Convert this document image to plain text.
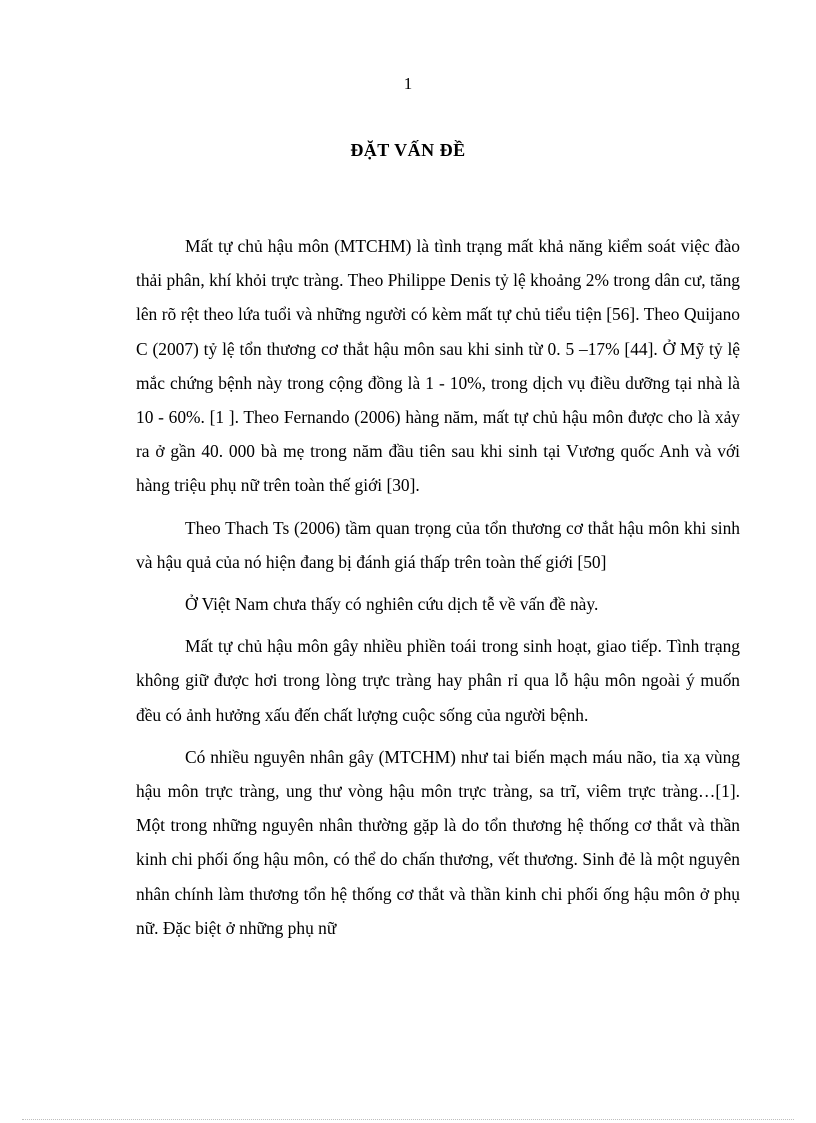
1
ĐẶT VẤN ĐỀ

Mất tự chủ hậu môn (MTCHM) là tình trạng mất khả năng kiểm soát việc đào thải phân, khí khỏi trực tràng. Theo Philippe Denis tỷ lệ khoảng 2% trong dân cư, tăng lên rõ rệt theo lứa tuổi và những người có kèm mất tự chủ tiểu tiện [56]. Theo Quijano C (2007) tỷ lệ tổn thương cơ thắt hậu môn sau khi sinh từ 0. 5 –17% [44]. Ở Mỹ tỷ lệ mắc chứng bệnh này trong cộng đồng là 1 - 10%, trong dịch vụ điều dưỡng tại nhà là 10 - 60%. [1 ]. Theo Fernando (2006) hàng năm, mất tự chủ hậu môn được cho là xảy ra ở gần 40. 000 bà mẹ trong năm đầu tiên sau khi sinh tại Vương quốc Anh và với hàng triệu phụ nữ trên toàn thế giới [30].

Theo Thach Ts (2006) tầm quan trọng của tổn thương cơ thắt hậu môn khi sinh và hậu quả của nó hiện đang bị đánh giá thấp trên toàn thế giới [50]

Ở Việt Nam chưa thấy có nghiên cứu dịch tễ về vấn đề này.

Mất tự chủ hậu môn gây nhiều phiền toái trong sinh hoạt, giao tiếp. Tình trạng không giữ được hơi trong lòng trực tràng hay phân rỉ qua lỗ hậu môn ngoài ý muốn đều có ảnh hưởng xấu đến chất lượng cuộc sống của người bệnh.

Có nhiều nguyên nhân gây (MTCHM) như tai biến mạch máu não, tia xạ vùng hậu môn trực tràng, ung thư vòng hậu môn trực tràng, sa trĩ, viêm trực tràng…[1]. Một trong những nguyên nhân thường gặp là do tổn thương hệ thống cơ thắt và thần kinh chi phối ống hậu môn, có thể do chấn thương, vết thương. Sinh đẻ là một nguyên nhân chính làm thương tổn hệ thống cơ thắt và thần kinh chi phối ống hậu môn ở phụ nữ. Đặc biệt ở những phụ nữ
